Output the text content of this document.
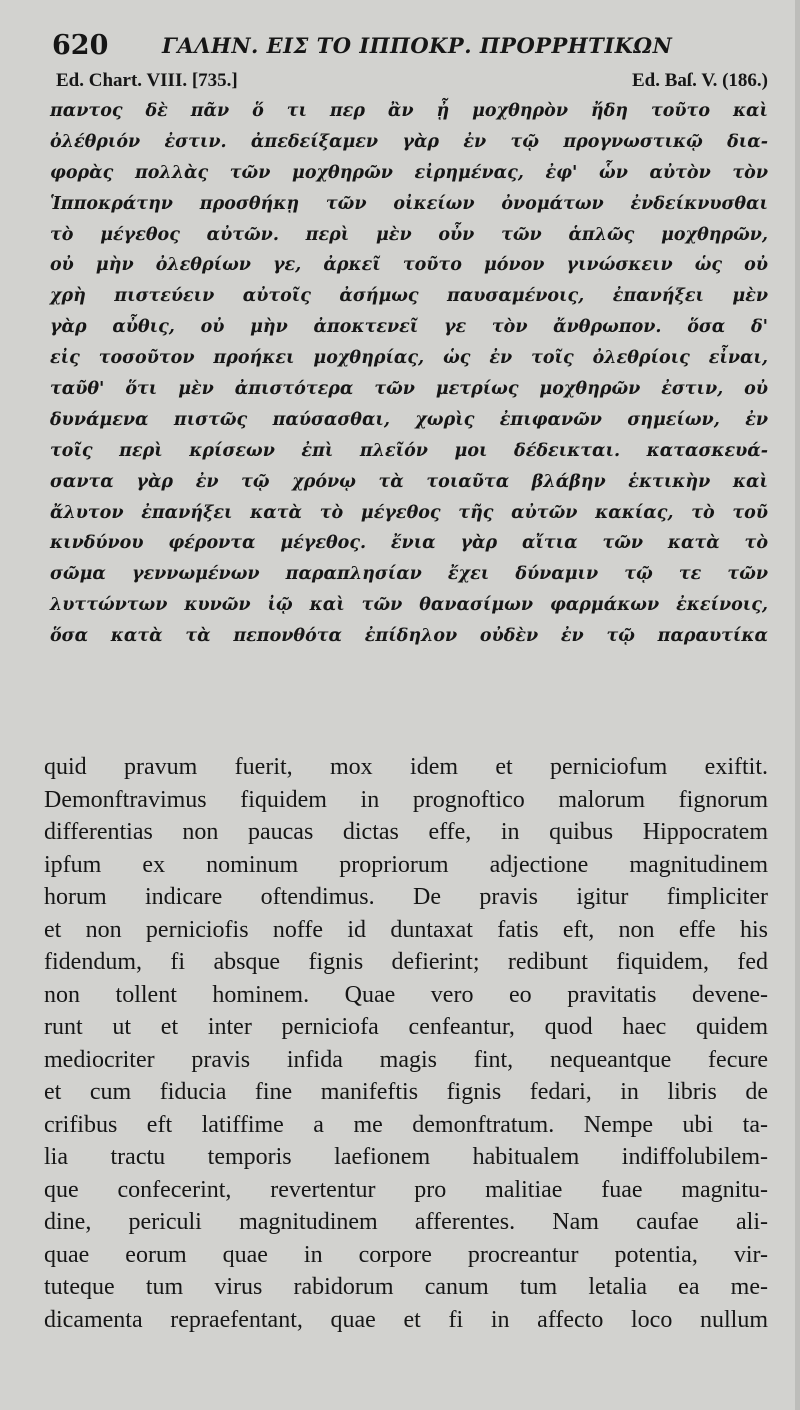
620	ΓΑΛΗΝ. ΕΙΣ ΤΟ ΙΠΠΟΚΡ. ΠΡΟΡΡΗΤΙΚΩΝ
Ed. Chart. VIII. [735.]	Ed. Baſ. V. (186.)
παντος δὲ πᾶν ὅ τι περ ἂν ᾖ μοχθηρὸν ἤδη τοῦτο καὶ
ὀλέθριόν ἐστιν. ἀπεδείξαμεν γὰρ ἐν τῷ προγνωστικῷ δια-
φορὰς πολλὰς τῶν μοχθηρῶν εἰρημένας, ἐφ' ὧν αὐτὸν τὸν
Ἱπποκράτην προσθήκῃ τῶν οἰκείων ὀνομάτων ἐνδείκνυσθαι
τὸ μέγεθος αὐτῶν. περὶ μὲν οὖν τῶν ἁπλῶς μοχθηρῶν,
οὐ μὴν ὀλεθρίων γε, ἀρκεῖ τοῦτο μόνον γινώσκειν ὡς οὐ
χρὴ πιστεύειν αὐτοῖς ἀσήμως παυσαμένοις, ἐπανήξει μὲν
γὰρ αὖθις, οὐ μὴν ἀποκτενεῖ γε τὸν ἄνθρωπον. ὅσα δ'
εἰς τοσοῦτον προήκει μοχθηρίας, ὡς ἐν τοῖς ὀλεθρίοις εἶναι,
ταῦθ' ὅτι μὲν ἀπιστότερα τῶν μετρίως μοχθηρῶν ἐστιν, οὐ
δυνάμενα πιστῶς παύσασθαι, χωρὶς ἐπιφανῶν σημείων, ἐν
τοῖς περὶ κρίσεων ἐπὶ πλεῖόν μοι δέδεικται. κατασκευά-
σαντα γὰρ ἐν τῷ χρόνῳ τὰ τοιαῦτα βλάβην ἑκτικὴν καὶ
ἄλυτον ἐπανήξει κατὰ τὸ μέγεθος τῆς αὐτῶν κακίας, τὸ τοῦ
κινδύνου φέροντα μέγεθος. ἔνια γὰρ αἴτια τῶν κατὰ τὸ
σῶμα γεννωμένων παραπλησίαν ἔχει δύναμιν τῷ τε τῶν
λυττώντων κυνῶν ἰῷ καὶ τῶν θανασίμων φαρμάκων ἐκείνοις,
ὅσα κατὰ τὰ πεπονθότα ἐπίδηλον οὐδὲν ἐν τῷ παραυτίκα
quid pravum fuerit, mox idem et perniciofum exiftit.
Demonftravimus fiquidem in prognoftico malorum fignorum
differentias non paucas dictas effe, in quibus Hippocratem
ipfum ex nominum propriorum adjectione magnitudinem
horum indicare oftendimus. De pravis igitur fimpliciter
et non perniciofis noffe id duntaxat fatis eft, non effe his
fidendum, fi absque fignis defierint; redibunt fiquidem, fed
non tollent hominem. Quae vero eo pravitatis devene-
runt ut et inter perniciofa cenfeantur, quod haec quidem
mediocriter pravis infida magis fint, nequeantque fecure
et cum fiducia fine manifeftis fignis fedari, in libris de
crifibus eft latiffime a me demonftratum. Nempe ubi ta-
lia tractu temporis laefionem habitualem indiffolubilem-
que confecerint, revertentur pro malitiae fuae magnitu-
dine, periculi magnitudinem afferentes. Nam caufae ali-
quae eorum quae in corpore procreantur potentia, vir-
tuteque tum virus rabidorum canum tum letalia ea me-
dicamenta repraefentant, quae et fi in affecto loco nullum
